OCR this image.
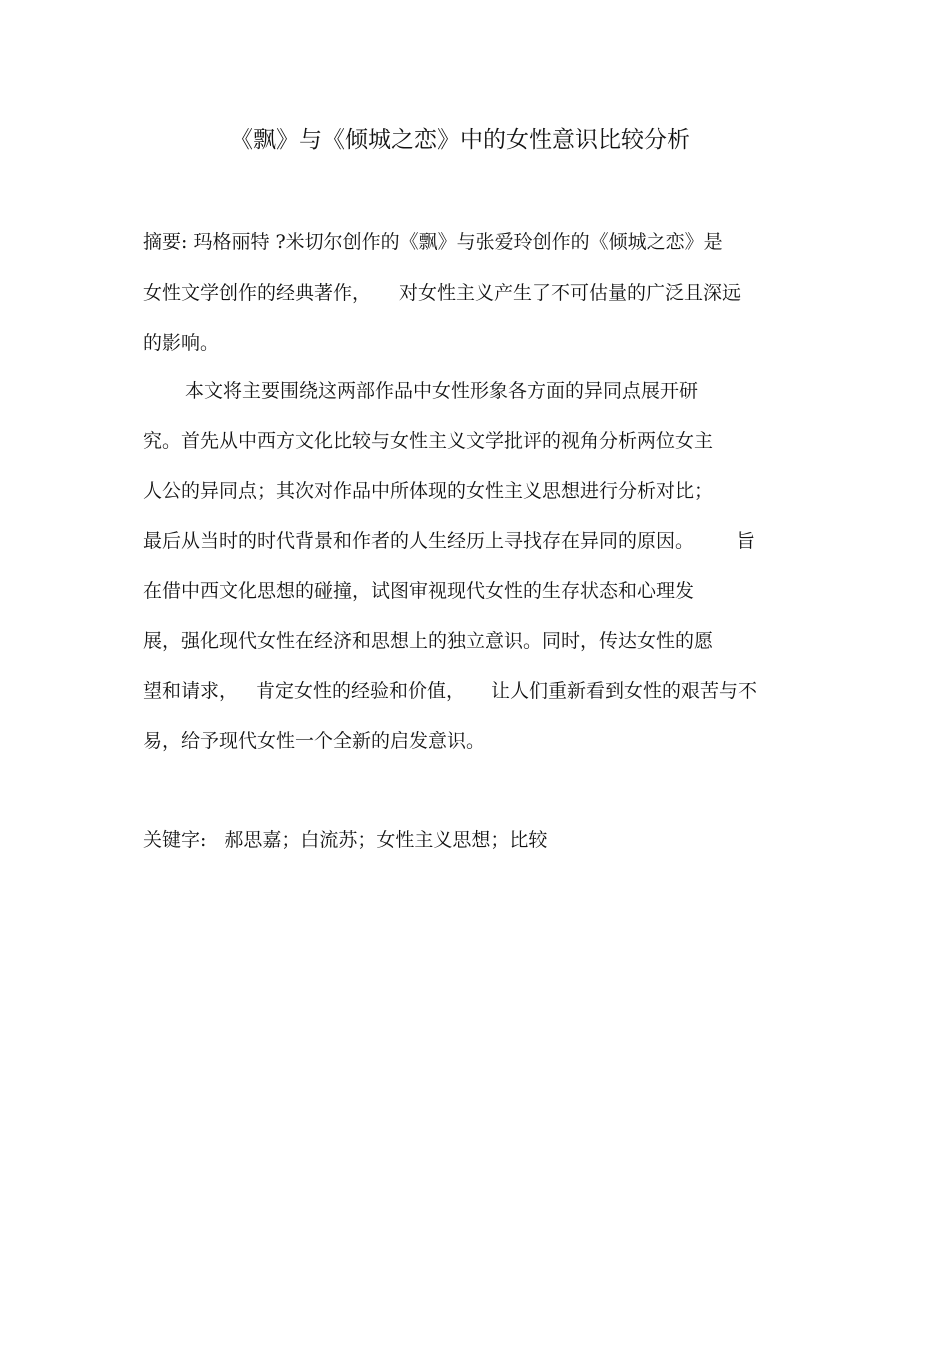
《飘》与《倾城之恋》中的女性意识比较分析
摘要: 玛格丽特 ?米切尔创作的《飘》与张爱玲创作的《倾城之恋》是
女性文学创作的经典著作， 对女性主义产生了不可估量的广泛且深远
的影响。
本文将主要围绕这两部作品中女性形象各方面的异同点展开研
究。首先从中西方文化比较与女性主义文学批评的视角分析两位女主
人公的异同点；其次对作品中所体现的女性主义思想进行分析对比；
最后从当时的时代背景和作者的人生经历上寻找存在异同的原因。 旨
在借中西文化思想的碰撞，试图审视现代女性的生存状态和心理发
展，强化现代女性在经济和思想上的独立意识。同时，传达女性的愿
望和请求， 肯定女性的经验和价值， 让人们重新看到女性的艰苦与不
易，给予现代女性一个全新的启发意识。
关键字: 郝思嘉；白流苏；女性主义思想；比较
